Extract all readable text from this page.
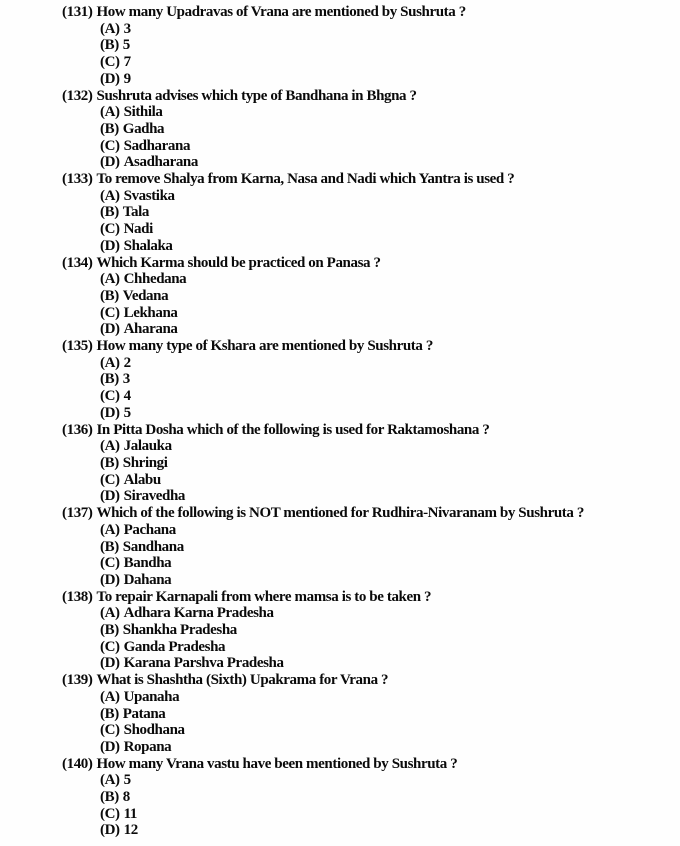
(131) How many Upadravas of Vrana are mentioned by Sushruta ?
(A) 3
(B) 5
(C) 7
(D) 9
(132) Sushruta advises which type of Bandhana in Bhgna ?
(A) Sithila
(B) Gadha
(C) Sadharana
(D) Asadharana
(133) To remove Shalya from Karna, Nasa and Nadi which Yantra is used ?
(A) Svastika
(B) Tala
(C) Nadi
(D) Shalaka
(134) Which Karma should be practiced on Panasa ?
(A) Chhedana
(B) Vedana
(C) Lekhana
(D) Aharana
(135) How many type of Kshara are mentioned by Sushruta ?
(A) 2
(B) 3
(C) 4
(D) 5
(136) In Pitta Dosha which of the following is used for Raktamoshana ?
(A) Jalauka
(B) Shringi
(C) Alabu
(D) Siravedha
(137) Which of the following is NOT mentioned for Rudhira-Nivaranam by Sushruta ?
(A) Pachana
(B) Sandhana
(C) Bandha
(D) Dahana
(138) To repair Karnapali from where mamsa is to be taken ?
(A) Adhara Karna Pradesha
(B) Shankha Pradesha
(C) Ganda Pradesha
(D) Karana Parshva Pradesha
(139) What is Shashtha (Sixth) Upakrama for Vrana ?
(A) Upanaha
(B) Patana
(C) Shodhana
(D) Ropana
(140) How many Vrana vastu have been mentioned by Sushruta ?
(A) 5
(B) 8
(C) 11
(D) 12
